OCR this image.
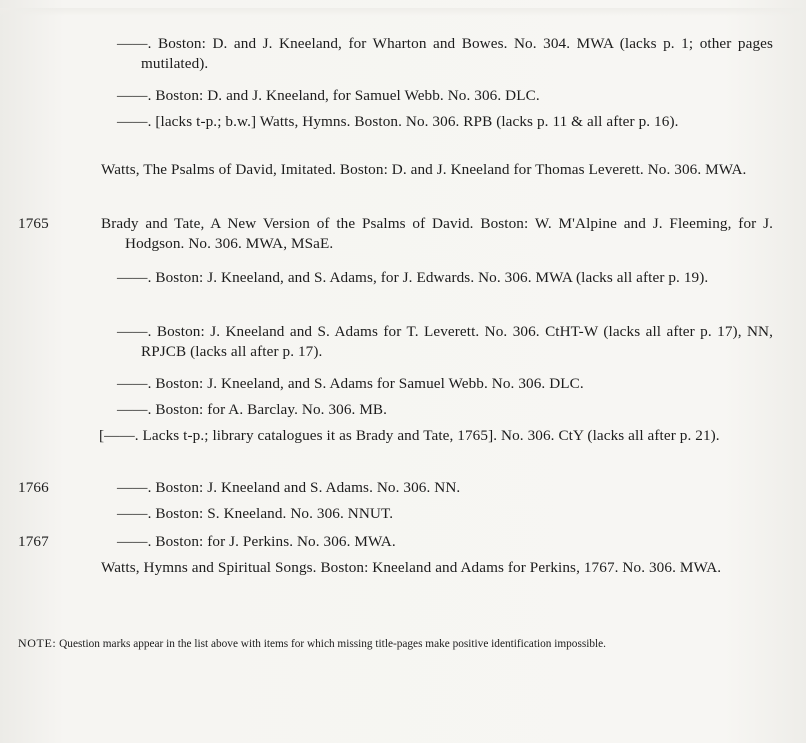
——. Boston: D. and J. Kneeland, for Wharton and Bowes. No. 304. MWA (lacks p. 1; other pages mutilated).
——. Boston: D. and J. Kneeland, for Samuel Webb. No. 306. DLC.
——. [lacks t-p.; b.w.] Watts, Hymns. Boston. No. 306. RPB (lacks p. 11 & all after p. 16).
Watts, The Psalms of David, Imitated. Boston: D. and J. Kneeland for Thomas Leverett. No. 306. MWA.
1765	Brady and Tate, A New Version of the Psalms of David. Boston: W. M'Alpine and J. Fleeming, for J. Hodgson. No. 306. MWA, MSaE.
——. Boston: J. Kneeland, and S. Adams, for J. Edwards. No. 306. MWA (lacks all after p. 19).
——. Boston: J. Kneeland and S. Adams for T. Leverett. No. 306. CtHT-W (lacks all after p. 17), NN, RPJCB (lacks all after p. 17).
——. Boston: J. Kneeland, and S. Adams for Samuel Webb. No. 306. DLC.
——. Boston: for A. Barclay. No. 306. MB.
[——. Lacks t-p.; library catalogues it as Brady and Tate, 1765]. No. 306. CtY (lacks all after p. 21).
1766	——. Boston: J. Kneeland and S. Adams. No. 306. NN.
——. Boston: S. Kneeland. No. 306. NNUT.
1767	——. Boston: for J. Perkins. No. 306. MWA.
Watts, Hymns and Spiritual Songs. Boston: Kneeland and Adams for Perkins, 1767. No. 306. MWA.
NOTE: Question marks appear in the list above with items for which missing title-pages make positive identification impossible.
